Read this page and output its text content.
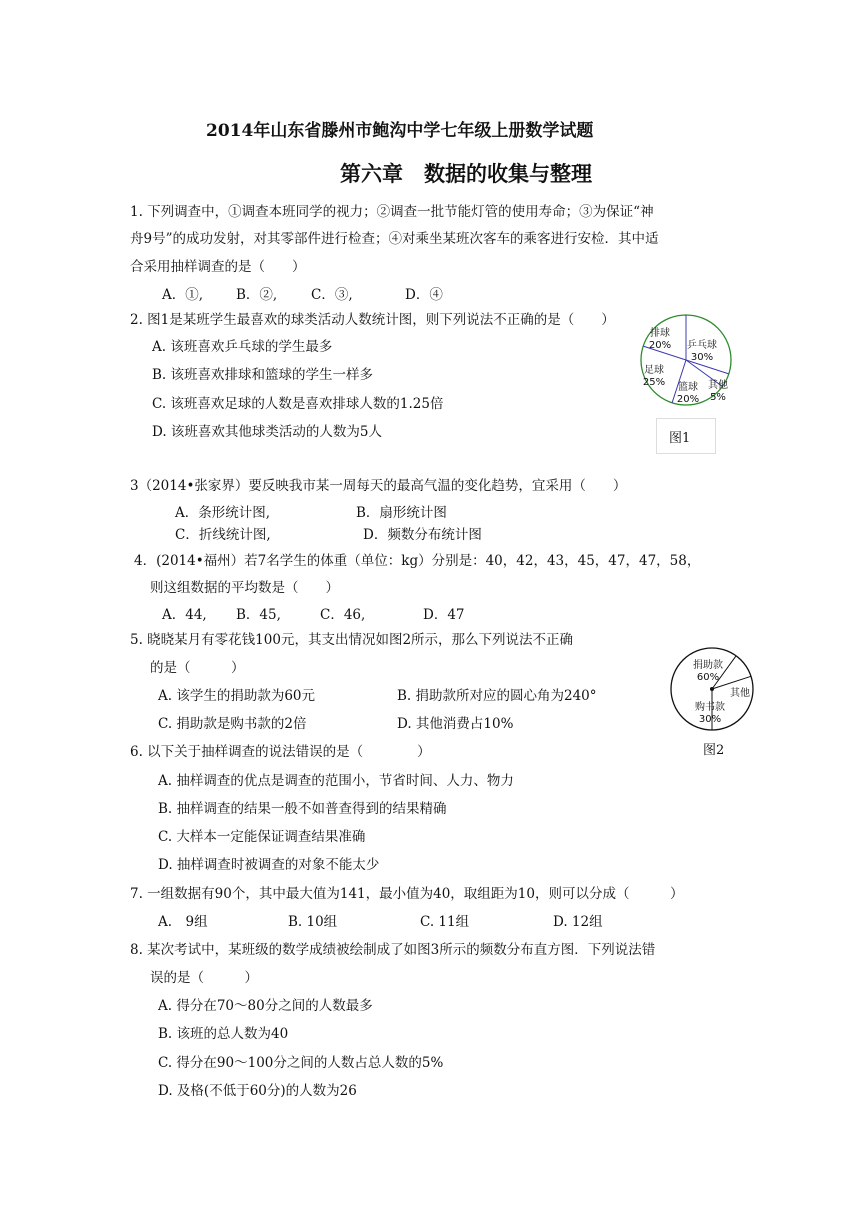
2014年山东省滕州市鲍沟中学七年级上册数学试题
第六章　数据的收集与整理
1. 下列调查中，①调查本班同学的视力；②调查一批节能灯管的使用寿命；③为保证“神
舟9号”的成功发射，对其零部件进行检查；④对乘坐某班次客车的乘客进行安检．其中适
合采用抽样调查的是（　　）
A．①, B．②,	C．③,	D．④
2. 图1是某班学生最喜欢的球类活动人数统计图，则下列说法不正确的是（　　）
A. 该班喜欢乒乓球的学生最多
B. 该班喜欢排球和篮球的学生一样多
C. 该班喜欢足球的人数是喜欢排球人数的1.25倍
D. 该班喜欢其他球类活动的人数为5人
排球
20% 乒乓球
30%
其他
5%
篮球
20%
足球
25%
图1
3（2014•张家界）要反映我市某一周每天的最高气温的变化趋势，宜采用（　　）
A．条形统计图,	B．扇形统计图
C．折线统计图,	D．频数分布统计图
4．(2014•福州）若7名学生的体重（单位：kg）分别是：40，42，43，45，47，47，58，
则这组数据的平均数是（　　）
A．44, B．45,	C．46,	D．47
5. 晓晓某月有零花钱100元，其支出情况如图2所示，那么下列说法不正确
的是（　　　）
A. 该学生的捐助款为60元	B. 捐助款所对应的圆心角为240°
C. 捐助款是购书款的2倍	D. 其他消费占10%
捐助款
60%
其他
购书款
30%
图2
6. 以下关于抽样调查的说法错误的是（　　　　）
A. 抽样调查的优点是调查的范围小，节省时间、人力、物力
B. 抽样调查的结果一般不如普查得到的结果精确
C. 大样本一定能保证调查结果准确
D. 抽样调查时被调查的对象不能太少
7. 一组数据有90个，其中最大值为141，最小值为40，取组距为10，则可以分成（　　　）
A.　9组	B. 10组	C. 11组	D. 12组
8. 某次考试中，某班级的数学成绩被绘制成了如图3所示的频数分布直方图．下列说法错
误的是（　　　）
A. 得分在70～80分之间的人数最多
B. 该班的总人数为40
C. 得分在90～100分之间的人数占总人数的5%
D. 及格(不低于60分)的人数为26
